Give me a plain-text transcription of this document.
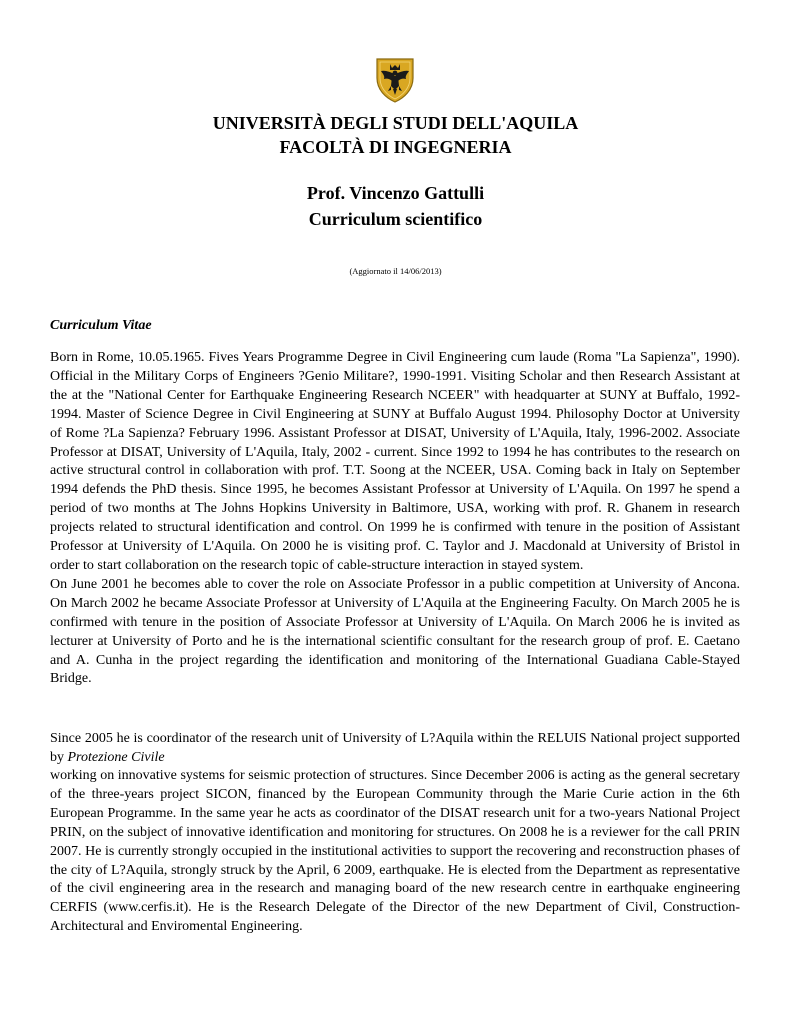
UNIVERSITÀ DEGLI STUDI DELL'AQUILA
FACOLTÀ DI INGEGNERIA
Prof. Vincenzo Gattulli
Curriculum scientifico
(Aggiornato il 14/06/2013)
Curriculum Vitae

Born in Rome, 10.05.1965. Fives Years Programme Degree in Civil Engineering cum laude (Roma "La Sapienza", 1990). Official in the Military Corps of Engineers ?Genio Militare?, 1990-1991. Visiting Scholar and then Research Assistant at the at the "National Center for Earthquake Engineering Research NCEER" with headquarter at SUNY at Buffalo, 1992-1994. Master of Science Degree in Civil Engineering at SUNY at Buffalo August 1994. Philosophy Doctor at University of Rome ?La Sapienza? February 1996. Assistant Professor at DISAT, University of L'Aquila, Italy, 1996-2002. Associate Professor at DISAT, University of L'Aquila, Italy, 2002 - current. Since 1992 to 1994 he has contributes to the research on active structural control in collaboration with prof. T.T. Soong at the NCEER, USA. Coming back in Italy on September 1994 defends the PhD thesis. Since 1995, he becomes Assistant Professor at University of L'Aquila. On 1997 he spend a period of two months at The Johns Hopkins University in Baltimore, USA, working with prof. R. Ghanem in research projects related to structural identification and control. On 1999 he is confirmed with tenure in the position of Assistant Professor at University of L'Aquila. On 2000 he is visiting prof. C. Taylor and J. Macdonald at University of Bristol in order to start collaboration on the research topic of cable-structure interaction in stayed system.

On June 2001 he becomes able to cover the role on Associate Professor in a public competition at University of Ancona. On March 2002 he became Associate Professor at University of L'Aquila at the Engineering Faculty. On March 2005 he is confirmed with tenure in the position of Associate Professor at University of L'Aquila. On March 2006 he is invited as lecturer at University of Porto and he is the international scientific consultant for the research group of prof. E. Caetano and A. Cunha in the project regarding the identification and monitoring of the International Guadiana Cable-Stayed Bridge.

Since 2005 he is coordinator of the research unit of University of L?Aquila within the RELUIS National project supported by Protezione Civile

working on innovative systems for seismic protection of structures. Since December 2006 is acting as the general secretary of the three-years project SICON, financed by the European Community through the Marie Curie action in the 6th European Programme. In the same year he acts as coordinator of the DISAT research unit for a two-years National Project PRIN, on the subject of innovative identification and monitoring for structures. On 2008 he is a reviewer for the call PRIN 2007. He is currently strongly occupied in the institutional activities to support the recovering and reconstruction phases of the city of L?Aquila, strongly struck by the April, 6 2009, earthquake. He is elected from the Department as representative of the civil engineering area in the research and managing board of the new research centre in earthquake engineering CERFIS (www.cerfis.it). He is the Research Delegate of the Director of the new Department of Civil, Construction-Architectural and Enviromental Engineering.
